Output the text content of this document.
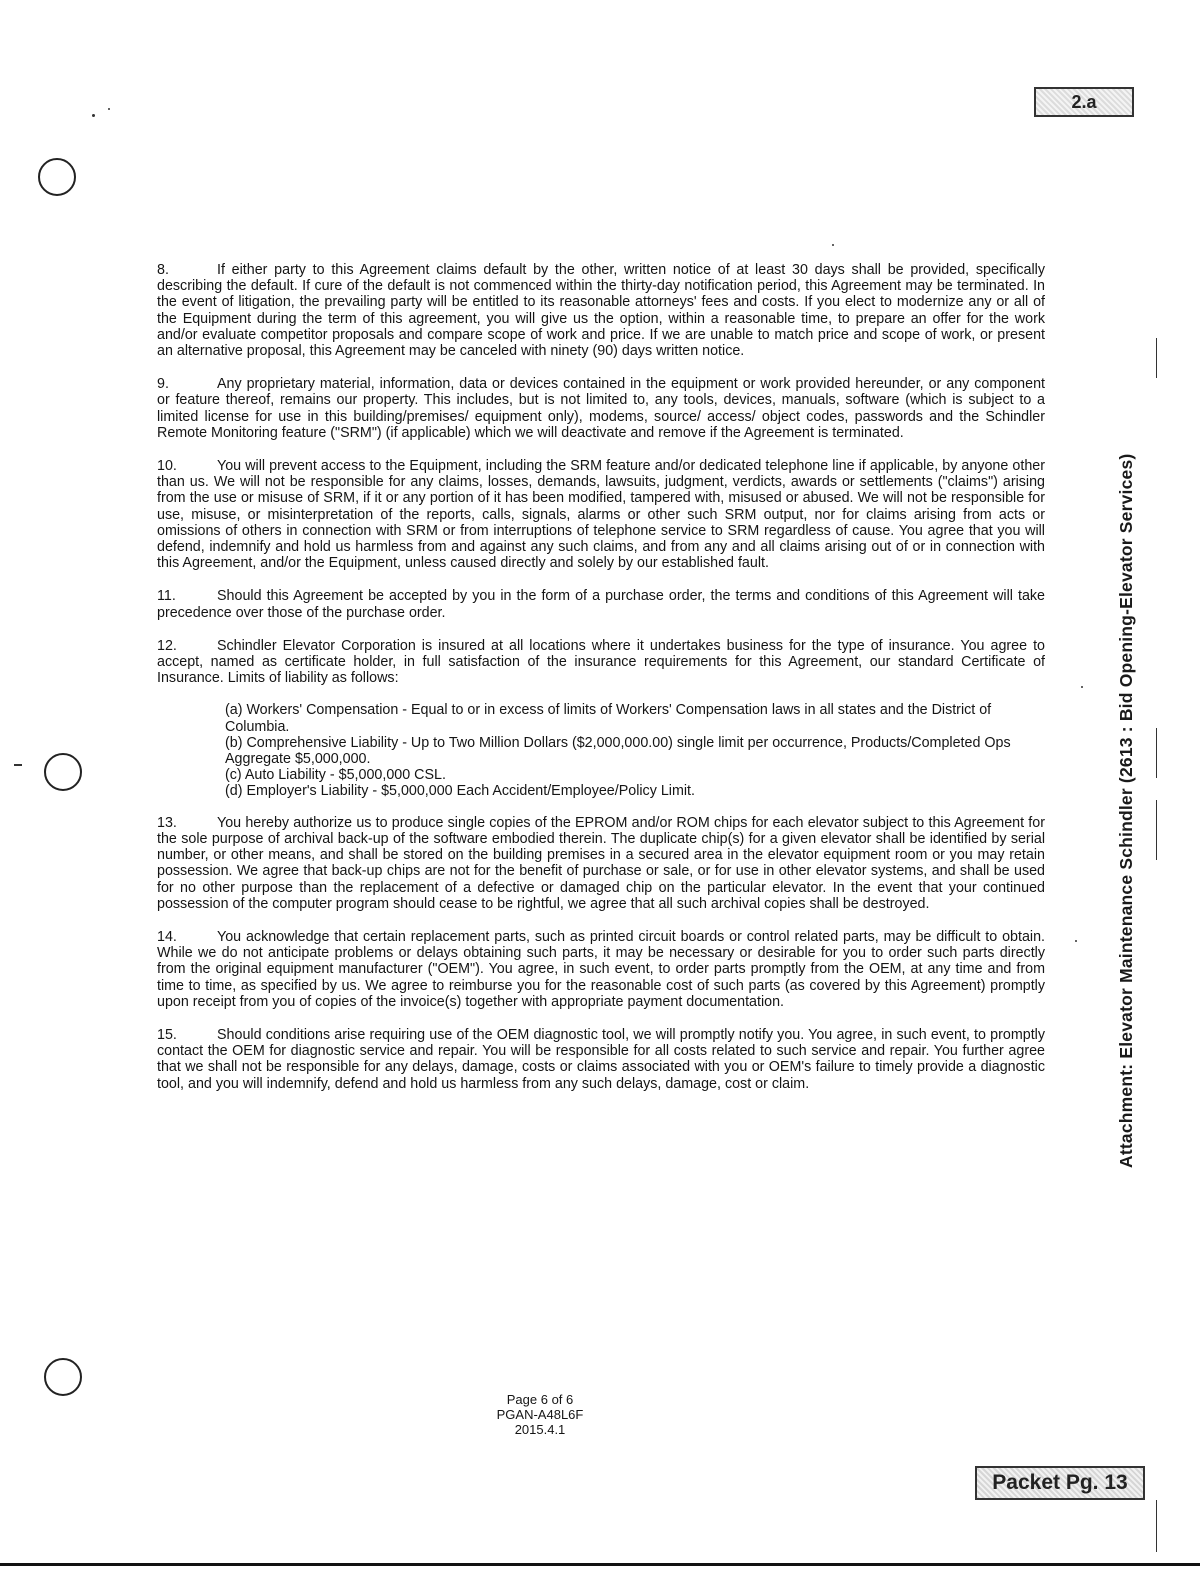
2.a

8.	If either party to this Agreement claims default by the other, written notice of at least 30 days shall be provided, specifically describing the default. If cure of the default is not commenced within the thirty-day notification period, this Agreement may be terminated. In the event of litigation, the prevailing party will be entitled to its reasonable attorneys' fees and costs. If you elect to modernize any or all of the Equipment during the term of this agreement, you will give us the option, within a reasonable time, to prepare an offer for the work and/or evaluate competitor proposals and compare scope of work and price. If we are unable to match price and scope of work, or present an alternative proposal, this Agreement may be canceled with ninety (90) days written notice.

9.	Any proprietary material, information, data or devices contained in the equipment or work provided hereunder, or any component or feature thereof, remains our property. This includes, but is not limited to, any tools, devices, manuals, software (which is subject to a limited license for use in this building/premises/ equipment only), modems, source/ access/ object codes, passwords and the Schindler Remote Monitoring feature ("SRM") (if applicable) which we will deactivate and remove if the Agreement is terminated.

10.	You will prevent access to the Equipment, including the SRM feature and/or dedicated telephone line if applicable, by anyone other than us. We will not be responsible for any claims, losses, demands, lawsuits, judgment, verdicts, awards or settlements ("claims") arising from the use or misuse of SRM, if it or any portion of it has been modified, tampered with, misused or abused. We will not be responsible for use, misuse, or misinterpretation of the reports, calls, signals, alarms or other such SRM output, nor for claims arising from acts or omissions of others in connection with SRM or from interruptions of telephone service to SRM regardless of cause. You agree that you will defend, indemnify and hold us harmless from and against any such claims, and from any and all claims arising out of or in connection with this Agreement, and/or the Equipment, unless caused directly and solely by our established fault.

11.	Should this Agreement be accepted by you in the form of a purchase order, the terms and conditions of this Agreement will take precedence over those of the purchase order.

12.	Schindler Elevator Corporation is insured at all locations where it undertakes business for the type of insurance. You agree to accept, named as certificate holder, in full satisfaction of the insurance requirements for this Agreement, our standard Certificate of Insurance. Limits of liability as follows:

(a) Workers' Compensation - Equal to or in excess of limits of Workers' Compensation laws in all states and the District of Columbia.

(b) Comprehensive Liability - Up to Two Million Dollars ($2,000,000.00) single limit per occurrence, Products/Completed Ops Aggregate $5,000,000.

(c) Auto Liability - $5,000,000 CSL.

(d) Employer's Liability - $5,000,000 Each Accident/Employee/Policy Limit.

13.	You hereby authorize us to produce single copies of the EPROM and/or ROM chips for each elevator subject to this Agreement for the sole purpose of archival back-up of the software embodied therein. The duplicate chip(s) for a given elevator shall be identified by serial number, or other means, and shall be stored on the building premises in a secured area in the elevator equipment room or you may retain possession. We agree that back-up chips are not for the benefit of purchase or sale, or for use in other elevator systems, and shall be used for no other purpose than the replacement of a defective or damaged chip on the particular elevator. In the event that your continued possession of the computer program should cease to be rightful, we agree that all such archival copies shall be destroyed.

14.	You acknowledge that certain replacement parts, such as printed circuit boards or control related parts, may be difficult to obtain. While we do not anticipate problems or delays obtaining such parts, it may be necessary or desirable for you to order such parts directly from the original equipment manufacturer ("OEM"). You agree, in such event, to order parts promptly from the OEM, at any time and from time to time, as specified by us. We agree to reimburse you for the reasonable cost of such parts (as covered by this Agreement) promptly upon receipt from you of copies of the invoice(s) together with appropriate payment documentation.

15.	Should conditions arise requiring use of the OEM diagnostic tool, we will promptly notify you. You agree, in such event, to promptly contact the OEM for diagnostic service and repair. You will be responsible for all costs related to such service and repair. You further agree that we shall not be responsible for any delays, damage, costs or claims associated with you or OEM's failure to timely provide a diagnostic tool, and you will indemnify, defend and hold us harmless from any such delays, damage, cost or claim.

Page 6 of 6
PGAN-A48L6F
2015.4.1
Packet Pg. 13
Attachment: Elevator Maintenance Schindler (2613 : Bid Opening-Elevator Services)
